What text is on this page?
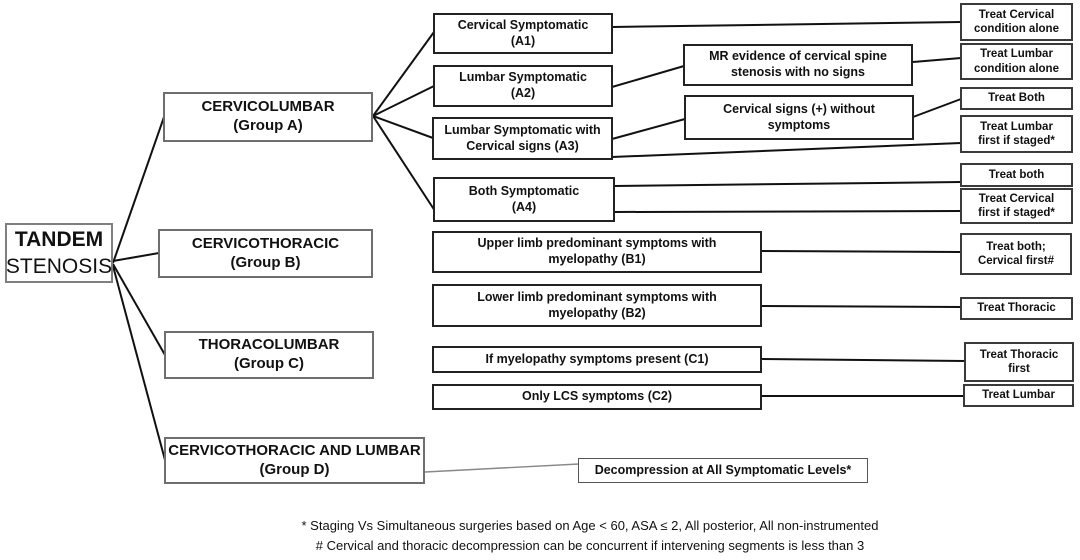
TANDEM
STENOSIS
CERVICOLUMBAR
(Group A)
CERVICOTHORACIC
(Group B)
THORACOLUMBAR
(Group C)
CERVICOTHORACIC AND LUMBAR
(Group D)
Cervical Symptomatic
(A1)
Lumbar Symptomatic
(A2)
Lumbar Symptomatic with
Cervical signs (A3)
Both Symptomatic
(A4)
Upper limb predominant symptoms with
myelopathy (B1)
Lower limb predominant symptoms with
myelopathy (B2)
If myelopathy symptoms present (C1)
Only LCS symptoms (C2)
MR evidence of cervical spine
stenosis with no signs
Cervical signs (+) without
symptoms
Treat Cervical
condition alone
Treat Lumbar
condition alone
Treat Both
Treat Lumbar
first if staged*
Treat both
Treat Cervical
first if staged*
Treat both;
Cervical first#
Treat Thoracic
Treat Thoracic
first
Treat Lumbar
Decompression at All Symptomatic Levels*
* Staging Vs Simultaneous surgeries based on Age < 60, ASA ≤ 2, All posterior, All non-instrumented
# Cervical and thoracic decompression can be concurrent if intervening segments is less than 3
